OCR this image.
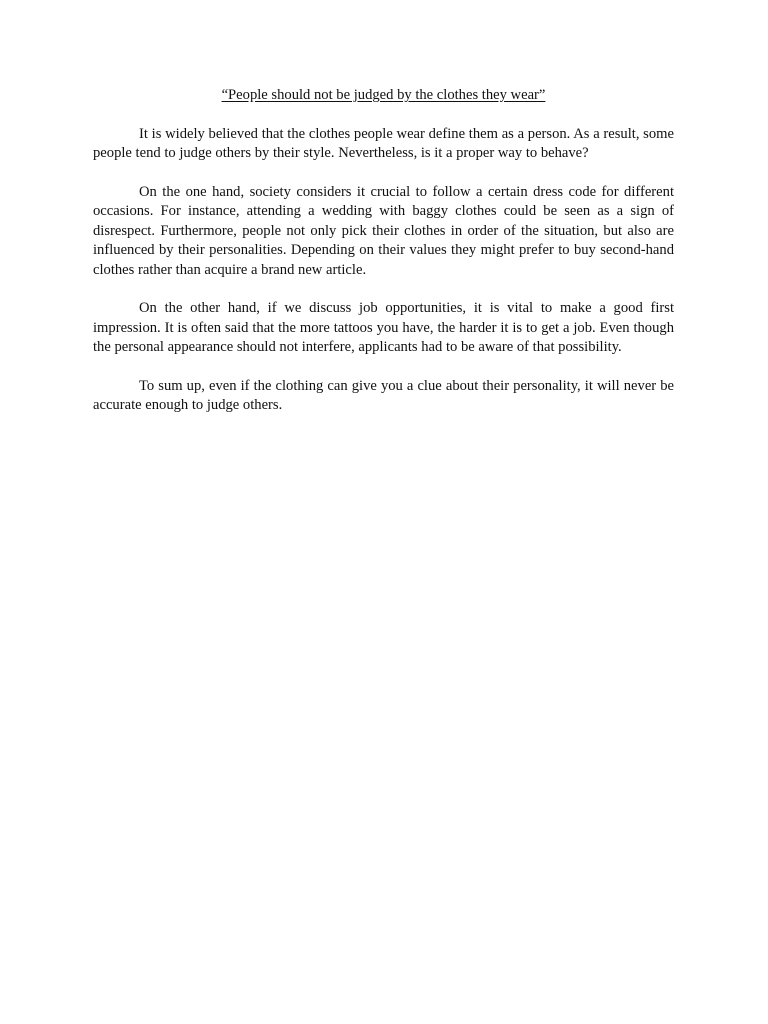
“People should not be judged by the clothes they wear”

It is widely believed that the clothes people wear define them as a person. As a result, some people tend to judge others by their style. Nevertheless, is it a proper way to behave?

On the one hand, society considers it crucial to follow a certain dress code for different occasions. For instance, attending a wedding with baggy clothes could be seen as a sign of disrespect. Furthermore, people not only pick their clothes in order of the situation, but also are influenced by their personalities. Depending on their values they might prefer to buy second-hand clothes rather than acquire a brand new article.

On the other hand, if we discuss job opportunities, it is vital to make a good first impression. It is often said that the more tattoos you have, the harder it is to get a job. Even though the personal appearance should not interfere, applicants had to be aware of that possibility.

To sum up, even if the clothing can give you a clue about their personality, it will never be accurate enough to judge others.
